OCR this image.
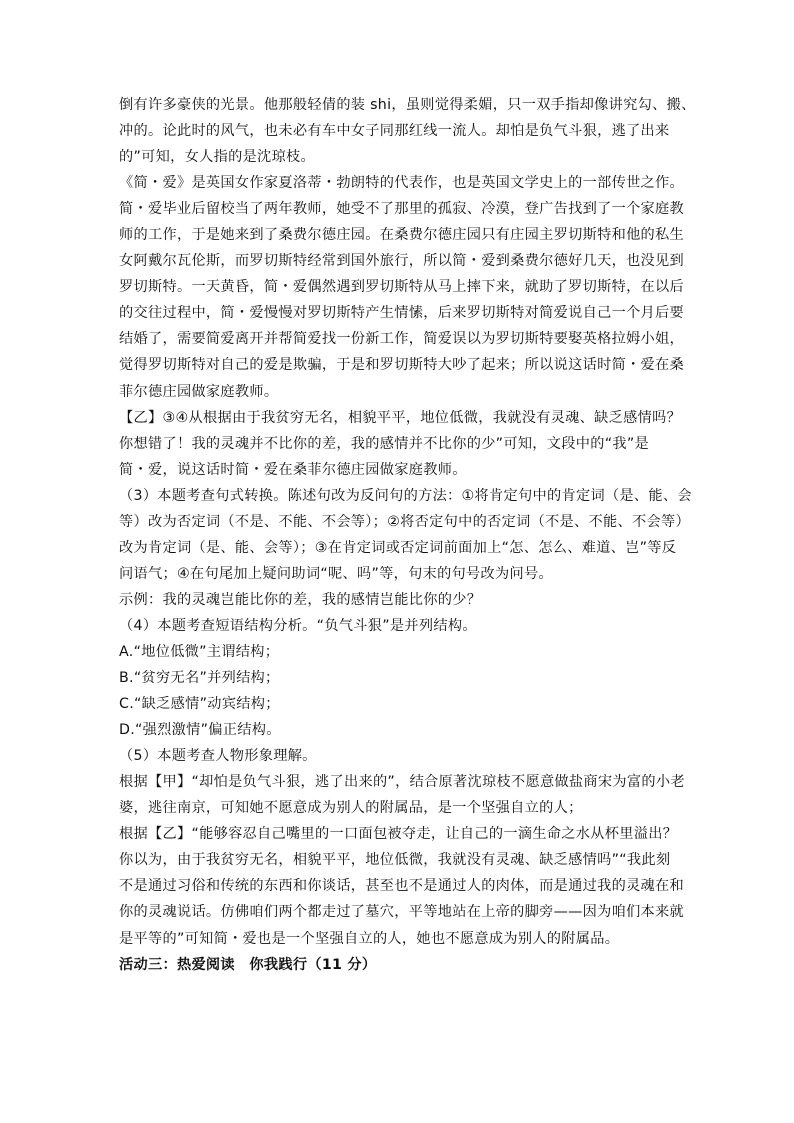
倒有许多豪侠的光景。他那般轻倩的装 shi，虽则觉得柔媚，只一双手指却像讲究勾、搬、
冲的。论此时的风气，也未必有车中女子同那红线一流人。却怕是负气斗狠，逃了出来
的”可知，女人指的是沈琼枝。
《简・爱》是英国女作家夏洛蒂・勃朗特的代表作，也是英国文学史上的一部传世之作。
简・爱毕业后留校当了两年教师，她受不了那里的孤寂、冷漠，登广告找到了一个家庭教
师的工作，于是她来到了桑费尔德庄园。在桑费尔德庄园只有庄园主罗切斯特和他的私生
女阿戴尔瓦伦斯，而罗切斯特经常到国外旅行，所以简・爱到桑费尔德好几天，也没见到
罗切斯特。一天黄昏，简・爱偶然遇到罗切斯特从马上摔下来，就助了罗切斯特，在以后
的交往过程中，简・爱慢慢对罗切斯特产生情愫，后来罗切斯特对简爱说自己一个月后要
结婚了，需要简爱离开并帮简爱找一份新工作，简爱误以为罗切斯特要娶英格拉姆小姐，
觉得罗切斯特对自己的爱是欺骗，于是和罗切斯特大吵了起来；所以说这话时简・爱在桑
菲尔德庄园做家庭教师。
【乙】③④从根据由于我贫穷无名，相貌平平，地位低微，我就没有灵魂、缺乏感情吗？
你想错了！我的灵魂并不比你的差，我的感情并不比你的少”可知，文段中的“我”是
简・爱，说这话时简・爱在桑菲尔德庄园做家庭教师。
（3）本题考查句式转换。陈述句改为反问句的方法：①将肯定句中的肯定词（是、能、会
等）改为否定词（不是、不能、不会等）；②将否定句中的否定词（不是、不能、不会等）
改为肯定词（是、能、会等）；③在肯定词或否定词前面加上“怎、怎么、难道、岂”等反
问语气；④在句尾加上疑问助词“呢、吗”等，句末的句号改为问号。
示例：我的灵魂岂能比你的差，我的感情岂能比你的少？
（4）本题考查短语结构分析。“负气斗狠”是并列结构。
A.“地位低微”主谓结构；
B.“贫穷无名”并列结构；
C.“缺乏感情”动宾结构；
D.“强烈激情”偏正结构。
（5）本题考查人物形象理解。
根据【甲】“却怕是负气斗狠，逃了出来的”，结合原著沈琼枝不愿意做盐商宋为富的小老
婆，逃往南京，可知她不愿意成为别人的附属品，是一个坚强自立的人；
根据【乙】“能够容忍自己嘴里的一口面包被夺走，让自己的一滴生命之水从杯里溢出？
你以为，由于我贫穷无名，相貌平平，地位低微，我就没有灵魂、缺乏感情吗”“我此刻
不是通过习俗和传统的东西和你谈话，甚至也不是通过人的肉体，而是通过我的灵魂在和
你的灵魂说话。仿佛咱们两个都走过了墓穴，平等地站在上帝的脚旁——因为咱们本来就
是平等的”可知简・爱也是一个坚强自立的人，她也不愿意成为别人的附属品。
活动三：热爱阅读　你我践行（11 分）
